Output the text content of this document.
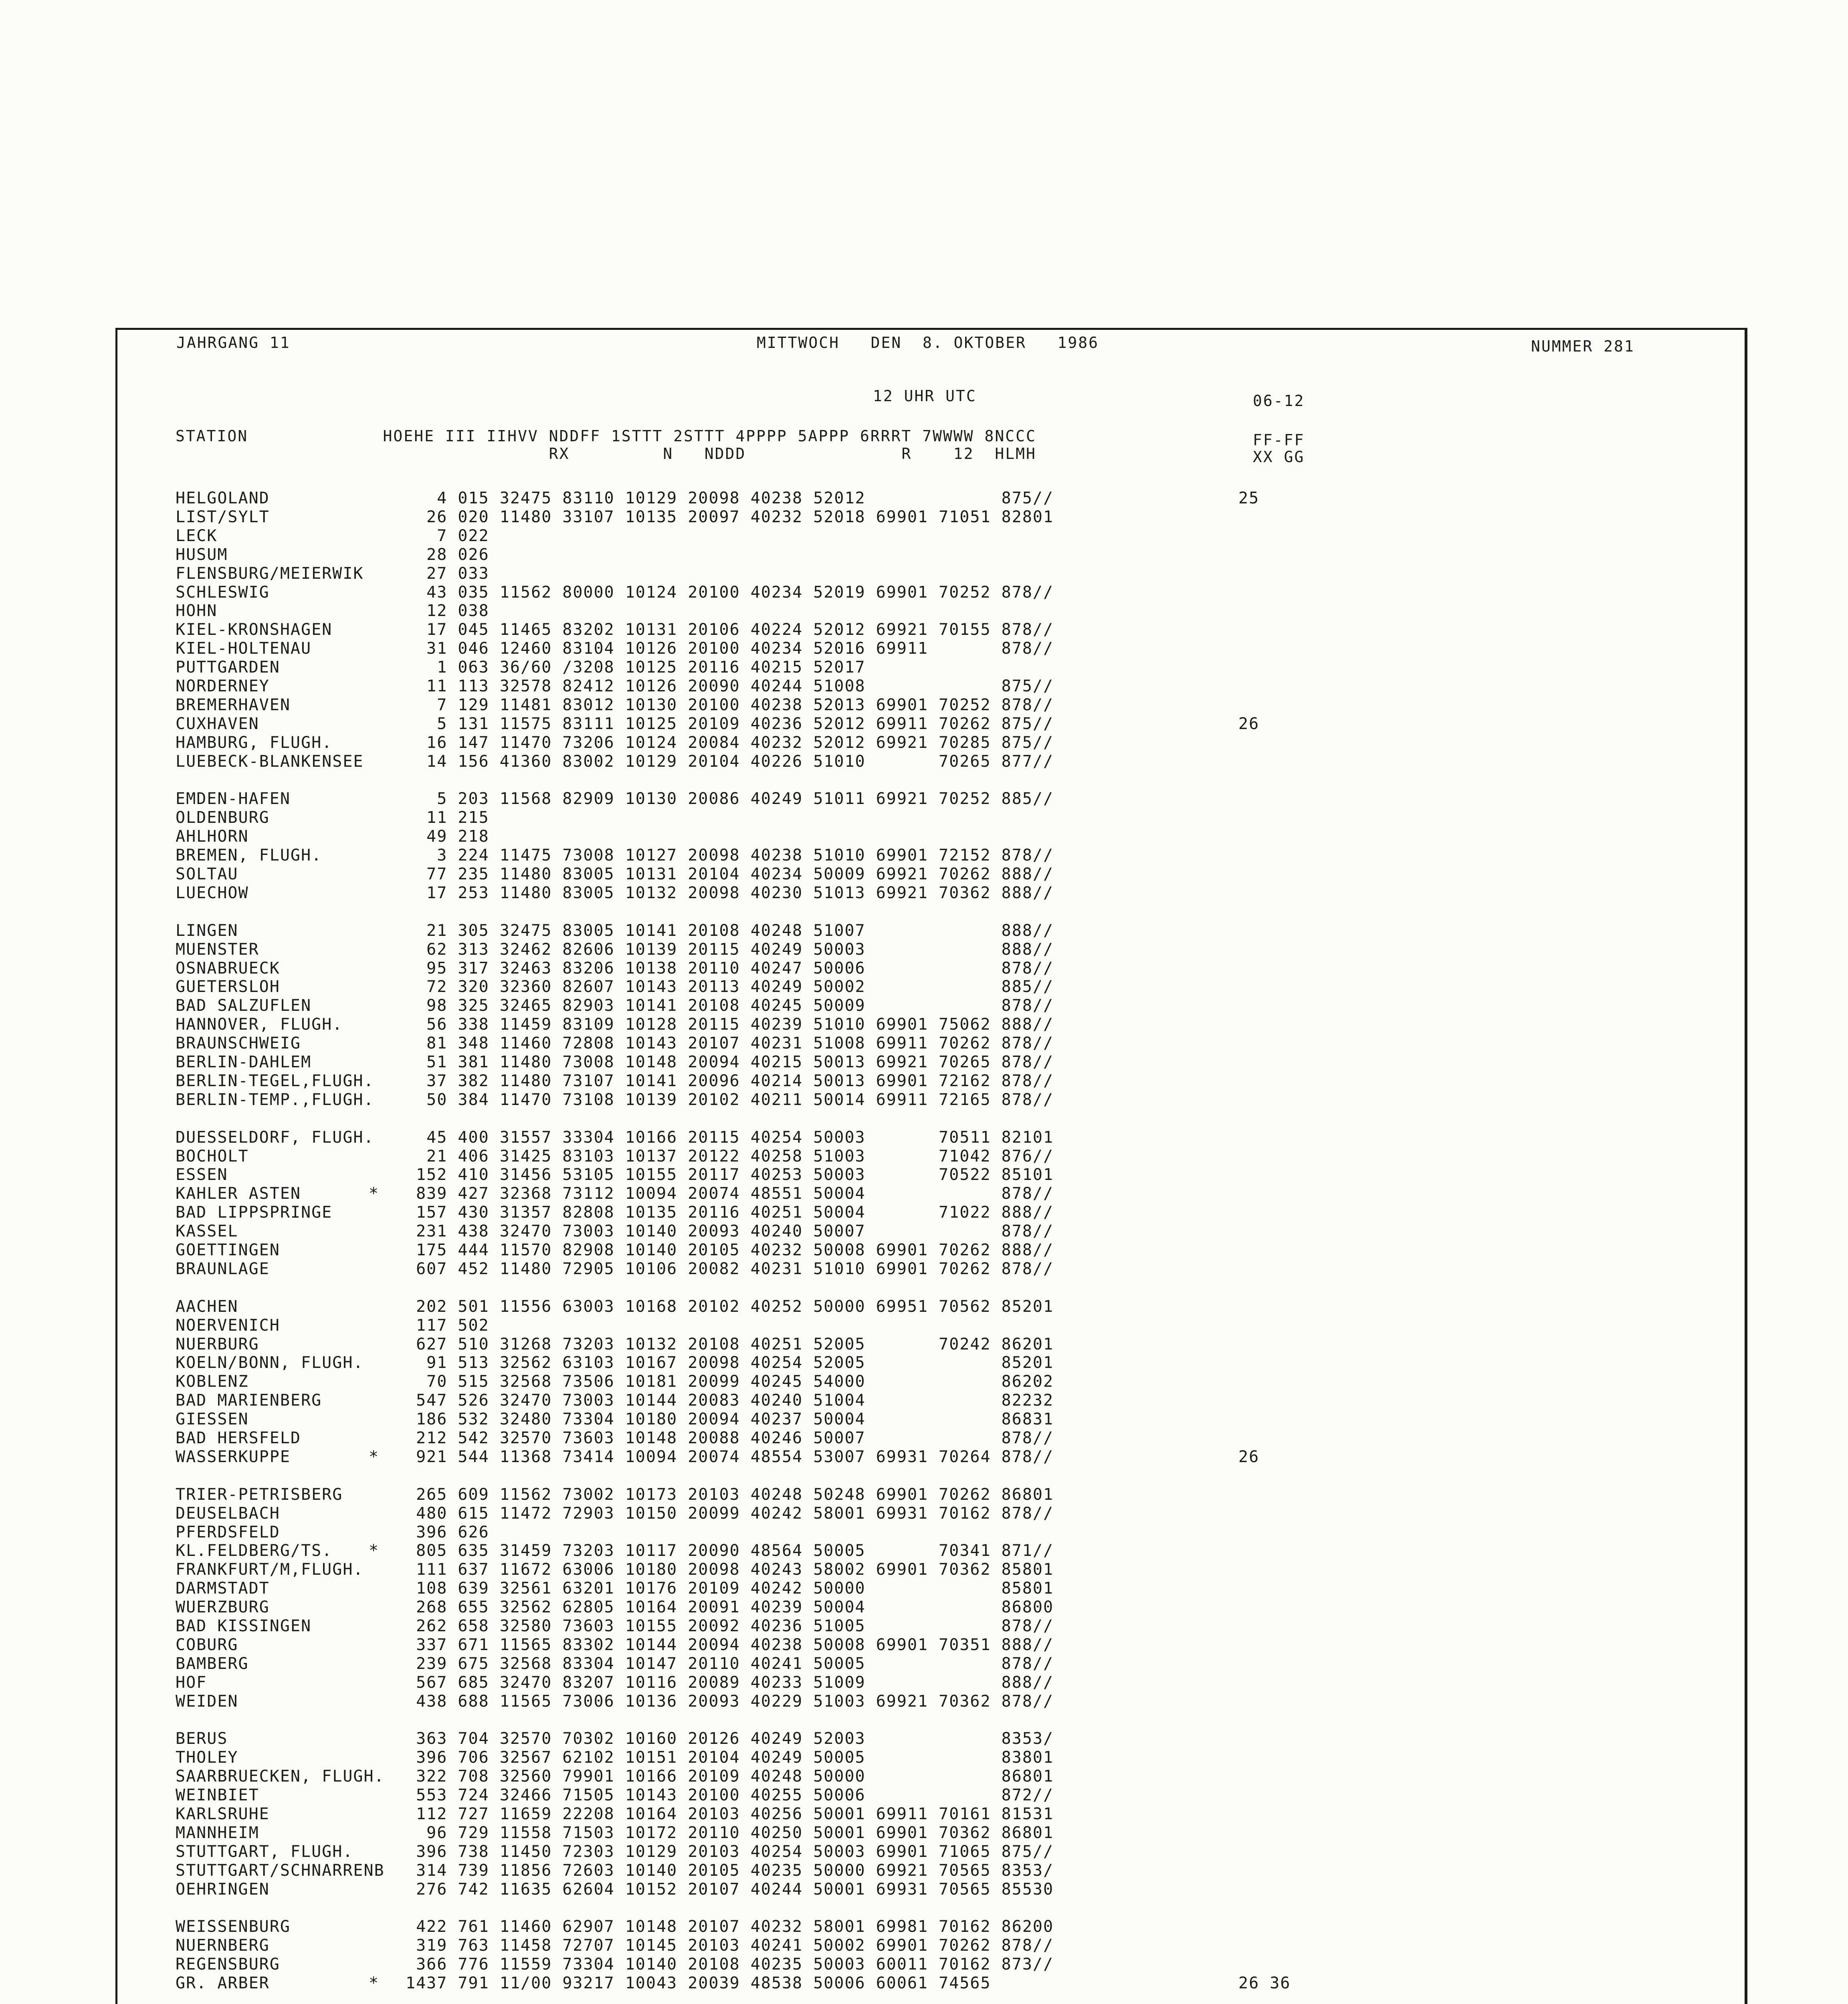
JAHRGANG 11	MITTWOCH   DEN  8. OKTOBER   1986	NUMMER 281
12 UHR UTC	06-12
STATION             HOEHE III IIHVV NDDFF 1STTT 2STTT 4PPPP 5APPP 6RRRT 7WWWW 8NCCC
RX         N   NDDD               R    12  HLMH
FF-FF
XX GG
HELGOLAND	4 015 32475 83110 10129 20098 40238 52012             875//	25
LIST/SYLT	26 020 11480 33107 10135 20097 40232 52018 69901 71051 82801
LECK	7 022
HUSUM	28 026
FLENSBURG/MEIERWIK	27 033
SCHLESWIG	43 035 11562 80000 10124 20100 40234 52019 69901 70252 878//
HOHN	12 038
KIEL-KRONSHAGEN	17 045 11465 83202 10131 20106 40224 52012 69921 70155 878//
KIEL-HOLTENAU	31 046 12460 83104 10126 20100 40234 52016 69911       878//
PUTTGARDEN	1 063 36/60 /3208 10125 20116 40215 52017
NORDERNEY	11 113 32578 82412 10126 20090 40244 51008             875//
BREMERHAVEN	7 129 11481 83012 10130 20100 40238 52013 69901 70252 878//
CUXHAVEN	5 131 11575 83111 10125 20109 40236 52012 69911 70262 875//	26
HAMBURG, FLUGH.	16 147 11470 73206 10124 20084 40232 52012 69921 70285 875//
LUEBECK-BLANKENSEE	14 156 41360 83002 10129 20104 40226 51010       70265 877//
EMDEN-HAFEN	5 203 11568 82909 10130 20086 40249 51011 69921 70252 885//
OLDENBURG	11 215
AHLHORN	49 218
BREMEN, FLUGH.	3 224 11475 73008 10127 20098 40238 51010 69901 72152 878//
SOLTAU	77 235 11480 83005 10131 20104 40234 50009 69921 70262 888//
LUECHOW	17 253 11480 83005 10132 20098 40230 51013 69921 70362 888//
LINGEN	21 305 32475 83005 10141 20108 40248 51007             888//
MUENSTER	62 313 32462 82606 10139 20115 40249 50003             888//
OSNABRUECK	95 317 32463 83206 10138 20110 40247 50006             878//
GUETERSLOH	72 320 32360 82607 10143 20113 40249 50002             885//
BAD SALZUFLEN	98 325 32465 82903 10141 20108 40245 50009             878//
HANNOVER, FLUGH.	56 338 11459 83109 10128 20115 40239 51010 69901 75062 888//
BRAUNSCHWEIG	81 348 11460 72808 10143 20107 40231 51008 69911 70262 878//
BERLIN-DAHLEM	51 381 11480 73008 10148 20094 40215 50013 69921 70265 878//
BERLIN-TEGEL,FLUGH. 37 382 11480 73107 10141 20096 40214 50013 69901 72162 878//
BERLIN-TEMP.,FLUGH. 50 384 11470 73108 10139 20102 40211 50014 69911 72165 878//
DUESSELDORF, FLUGH. 45 400 31557 33304 10166 20115 40254 50003       70511 82101
BOCHOLT	21 406 31425 83103 10137 20122 40258 51003       71042 876//
ESSEN	152 410 31456 53105 10155 20117 40253 50003       70522 85101
KAHLER ASTEN	* 839 427 32368 73112 10094 20074 48551 50004             878//
BAD LIPPSPRINGE	157 430 31357 82808 10135 20116 40251 50004       71022 888//
KASSEL	231 438 32470 73003 10140 20093 40240 50007             878//
GOETTINGEN	175 444 11570 82908 10140 20105 40232 50008 69901 70262 888//
BRAUNLAGE	607 452 11480 72905 10106 20082 40231 51010 69901 70262 878//
AACHEN	202 501 11556 63003 10168 20102 40252 50000 69951 70562 85201
NOERVENICH	117 502
NUERBURG	627 510 31268 73203 10132 20108 40251 52005       70242 86201
KOELN/BONN, FLUGH.	91 513 32562 63103 10167 20098 40254 52005             85201
KOBLENZ	70 515 32568 73506 10181 20099 40245 54000             86202
BAD MARIENBERG	547 526 32470 73003 10144 20083 40240 51004             82232
GIESSEN	186 532 32480 73304 10180 20094 40237 50004             86831
BAD HERSFELD	212 542 32570 73603 10148 20088 40246 50007             878//
WASSERKUPPE	* 921 544 11368 73414 10094 20074 48554 53007 69931 70264 878//	26
TRIER-PETRISBERG	265 609 11562 73002 10173 20103 40248 50248 69901 70262 86801
DEUSELBACH	480 615 11472 72903 10150 20099 40242 58001 69931 70162 878//
PFERDSFELD	396 626
KL.FELDBERG/TS. * 805 635 31459 73203 10117 20090 48564 50005       70341 871//
FRANKFURT/M,FLUGH.	111 637 11672 63006 10180 20098 40243 58002 69901 70362 85801
DARMSTADT	108 639 32561 63201 10176 20109 40242 50000             85801
WUERZBURG	268 655 32562 62805 10164 20091 40239 50004             86800
BAD KISSINGEN	262 658 32580 73603 10155 20092 40236 51005             878//
COBURG	337 671 11565 83302 10144 20094 40238 50008 69901 70351 888//
BAMBERG	239 675 32568 83304 10147 20110 40241 50005             878//
HOF	567 685 32470 83207 10116 20089 40233 51009             888//
WEIDEN	438 688 11565 73006 10136 20093 40229 51003 69921 70362 878//
BERUS	363 704 32570 70302 10160 20126 40249 52003             8353/
THOLEY	396 706 32567 62102 10151 20104 40249 50005             83801
SAARBRUECKEN, FLUGH. 322 708 32560 79901 10166 20109 40248 50000             86801
WEINBIET	553 724 32466 71505 10143 20100 40255 50006             872//
KARLSRUHE	112 727 11659 22208 10164 20103 40256 50001 69911 70161 81531
MANNHEIM	96 729 11558 71503 10172 20110 40250 50001 69901 70362 86801
STUTTGART, FLUGH.	396 738 11450 72303 10129 20103 40254 50003 69901 71065 875//
STUTTGART/SCHNARRENB 314 739 11856 72603 10140 20105 40235 50000 69921 70565 8353/
OEHRINGEN	276 742 11635 62604 10152 20107 40244 50001 69931 70565 85530
WEISSENBURG	422 761 11460 62907 10148 20107 40232 58001 69981 70162 86200
NUERNBERG	319 763 11458 72707 10145 20103 40241 50002 69901 70262 878//
REGENSBURG	366 776 11559 73304 10140 20108 40235 50003 60011 70162 873//
GR. ARBER	* 1437 791 11/00 93217 10043 20039 48538 50006 60061 74565	26 36
